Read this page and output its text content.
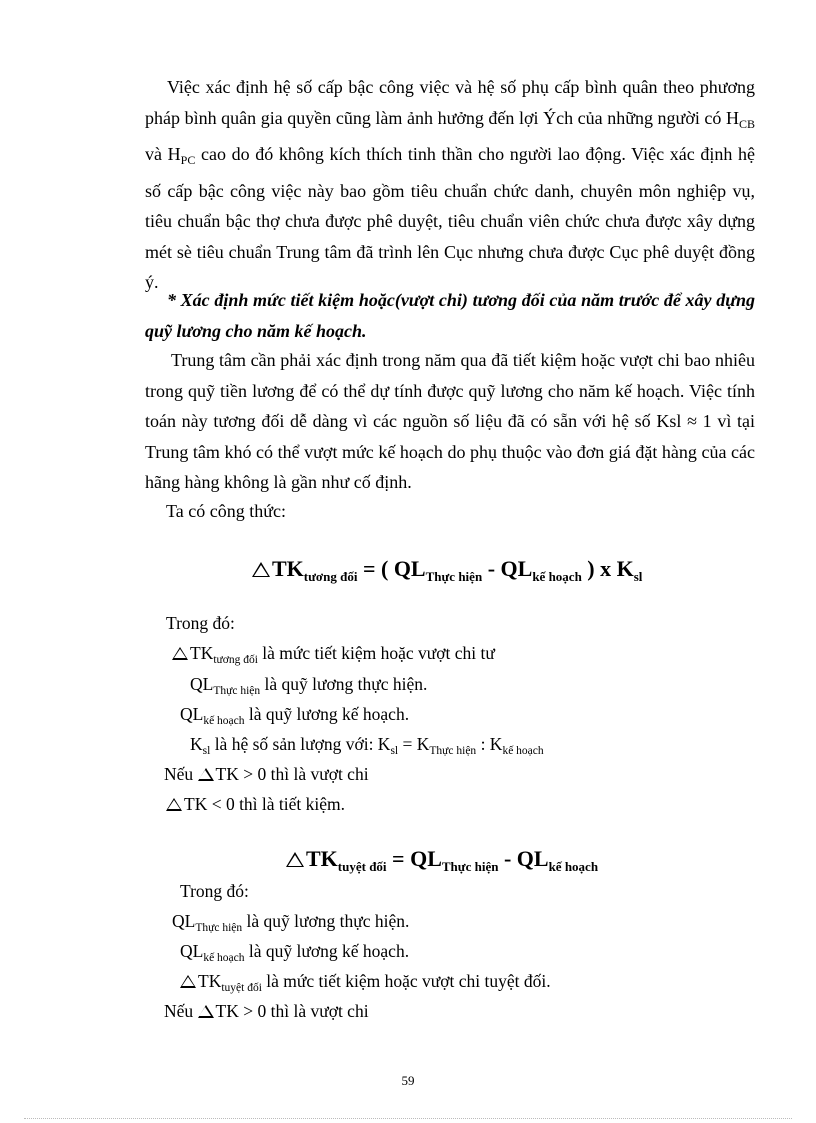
Việc xác định hệ số cấp bậc công việc và hệ số phụ cấp bình quân theo phương pháp bình quân gia quyền cũng làm ảnh hưởng đến lợi Ých của những người có $H_{CB}$ và $H_{PC}$ cao do đó không kích thích tinh thần cho người lao động. Việc xác định hệ số cấp bậc công việc này bao gồm tiêu chuẩn chức danh, chuyên môn nghiệp vụ, tiêu chuẩn bậc thợ chưa được phê duyệt, tiêu chuẩn viên chức chưa được xây dựng mét sè tiêu chuẩn Trung tâm đã trình lên Cục nhưng chưa được Cục phê duyệt đồng ý.

* Xác định mức tiết kiệm hoặc(vượt chi) tương đối của năm trước để xây dựng quỹ lương cho năm kế hoạch.

Trung tâm cần phải xác định trong năm qua đã tiết kiệm hoặc vượt chi bao nhiêu trong quỹ tiền lương để có thể dự tính được quỹ lương cho năm kế hoạch. Việc tính toán này tương đối dễ dàng vì các nguồn số liệu đã có sẵn với hệ số Ksl ≈ 1 vì tại Trung tâm khó có thể vượt mức kế hoạch do phụ thuộc vào đơn giá đặt hàng của các hãng hàng không là gần như cố định.

Ta có công thức:
$TK_{tương đối}$ = ( $QL_{Thực hiện} - QL_{kế hoạch}$ ) x $K_{sl}$
Trong đó:
$TK_{tương đối}$ là mức tiết kiệm hoặc vượt chi tư
$QL_{Thực hiện}$ là quỹ lương thực hiện.
$QL_{kế hoạch}$ là quỹ lương kế hoạch.
$K_{sl}$ là hệ số sản lượng với: $K_{sl} = K_{Thực hiện}$ : $K_{kế hoạch}$
Nếu TK > 0 thì là vượt chi
TK < 0 thì là tiết kiệm.
$TK_{tuyệt đối} = QL_{Thực hiện} - QL_{kế hoạch}$
Trong đó:
$QL_{Thực hiện}$ là quỹ lương thực hiện.
$QL_{kế hoạch}$ là quỹ lương kế hoạch.
$TK_{tuyệt đối}$ là mức tiết kiệm hoặc vượt chi tuyệt đối.
Nếu TK > 0 thì là vượt chi
59
